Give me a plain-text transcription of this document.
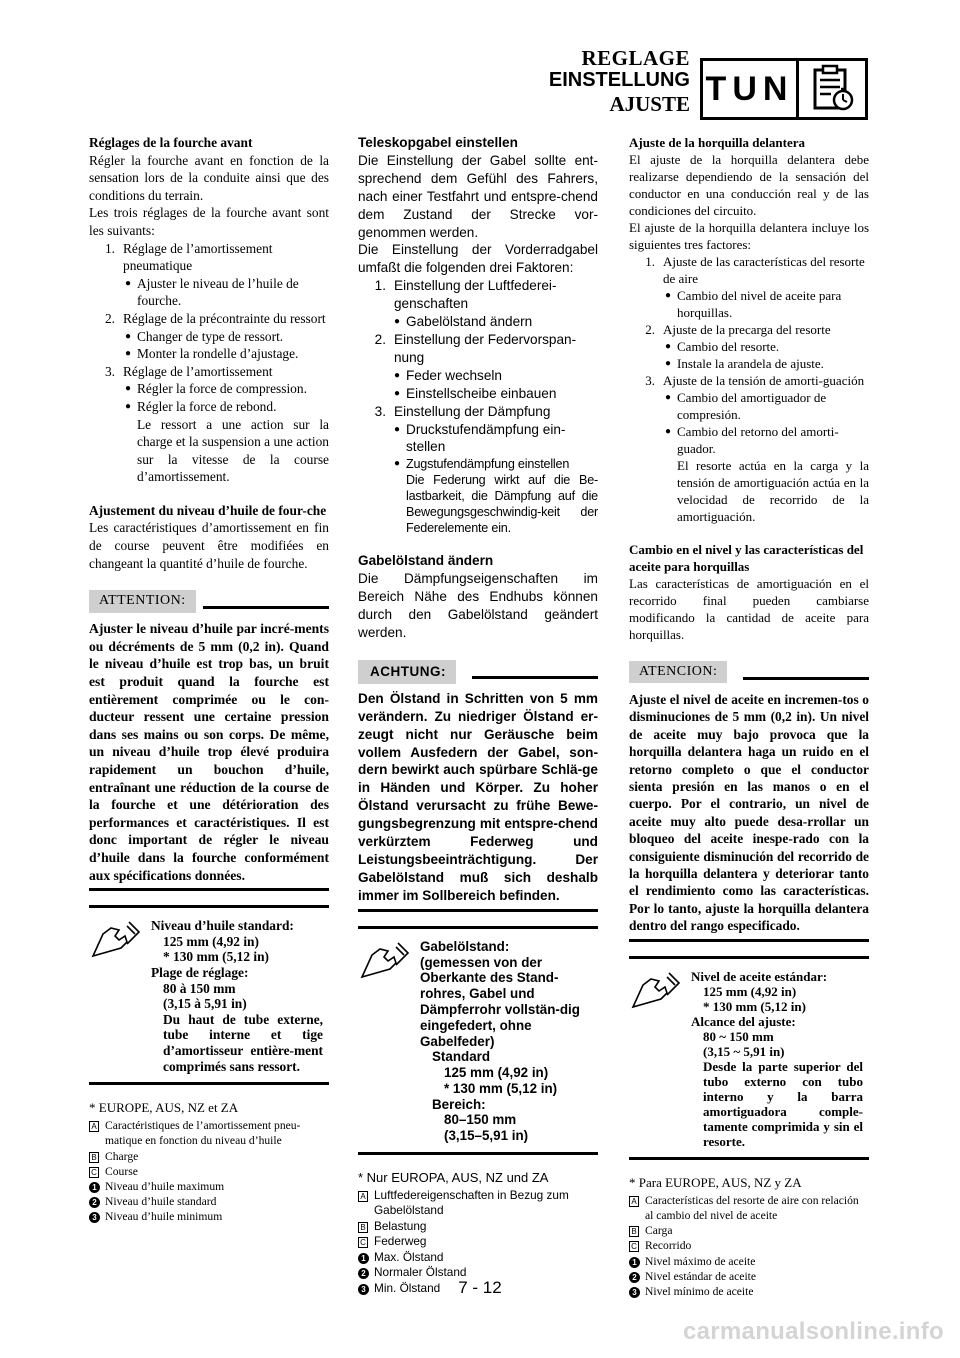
REGLAGE
EINSTELLUNG
AJUSTE TUN
Réglages de la fourche avant
Régler la fourche avant en fonction de la sensation lors de la conduite ainsi que des conditions du terrain.
Les trois réglages de la fourche avant sont les suivants:
1. Réglage de l’amortissement pneumatique
● Ajuster le niveau de l’huile de fourche.
2. Réglage de la précontrainte du ressort
● Changer de type de ressort.
● Monter la rondelle d’ajustage.
3. Réglage de l’amortissement
● Régler la force de compression.
● Régler la force de rebond.
Le ressort a une action sur la charge et la suspension a une action sur la vitesse de la course d’amortissement.
Ajustement du niveau d’huile de four-che
Les caractéristiques d’amortissement en fin de course peuvent être modifiées en changeant la quantité d’huile de fourche.
ATTENTION:
Ajuster le niveau d’huile par incré-ments ou décréments de 5 mm (0,2 in). Quand le niveau d’huile est trop bas, un bruit est produit quand la fourche est entièrement comprimée ou le con-ducteur ressent une certaine pression dans ses mains ou son corps. De même, un niveau d’huile trop élevé produira rapidement un bouchon d’huile, entraînant une réduction de la course de la fourche et une détérioration des performances et caractéristiques. Il est donc important de régler le niveau d’huile dans la fourche conformément aux spécifications données.
Niveau d’huile standard:
125 mm (4,92 in)
* 130 mm (5,12 in)
Plage de réglage:
80 à 150 mm
(3,15 à 5,91 in)
Du haut de tube externe, tube interne et tige d’amortisseur entière-ment comprimés sans ressort.
* EUROPE, AUS, NZ et ZA
A Caractéristiques de l’amortissement pneu-matique en fonction du niveau d’huile
B Charge
C Course
1 Niveau d’huile maximum
2 Niveau d’huile standard
3 Niveau d’huile minimum
Teleskopgabel einstellen
Die Einstellung der Gabel sollte ent-sprechend dem Gefühl des Fahrers, nach einer Testfahrt und entspre-chend dem Zustand der Strecke vor-genommen werden.
Die Einstellung der Vorderradgabel umfaßt die folgenden drei Faktoren:
1. Einstellung der Luftfederei-genschaften
● Gabelölstand ändern
2. Einstellung der Federvorspan-nung
● Feder wechseln
● Einstellscheibe einbauen
3. Einstellung der Dämpfung
● Druckstufendämpfung ein-stellen
● Zugstufendämpfung einstellen
Die Federung wirkt auf die Be-lastbarkeit, die Dämpfung auf die Bewegungsgeschwindig-keit der Federelemente ein.
Gabelölstand ändern
Die Dämpfungseigenschaften im Bereich Nähe des Endhubs können durch den Gabelölstand geändert werden.
ACHTUNG:
Den Ölstand in Schritten von 5 mm verändern. Zu niedriger Ölstand er-zeugt nicht nur Geräusche beim vollem Ausfedern der Gabel, son-dern bewirkt auch spürbare Schlä-ge in Händen und Körper. Zu hoher Ölstand verursacht zu frühe Bewe-gungsbegrenzung mit entspre-chend verkürztem Federweg und Leistungsbeeinträchtigung. Der Gabelölstand muß sich deshalb immer im Sollbereich befinden.
Gabelölstand:
(gemessen von der Oberkante des Stand-rohres, Gabel und Dämpferrohr vollstän-dig eingefedert, ohne Gabelfeder)
Standard
125 mm (4,92 in)
* 130 mm (5,12 in)
Bereich:
80–150 mm
(3,15–5,91 in)
* Nur EUROPA, AUS, NZ und ZA
A Luftfedereigenschaften in Bezug zum Gabelölstand
B Belastung
C Federweg
1 Max. Ölstand
2 Normaler Ölstand
3 Min. Ölstand
Ajuste de la horquilla delantera
El ajuste de la horquilla delantera debe realizarse dependiendo de la sensación del conductor en una conducción real y de las condiciones del circuito.
El ajuste de la horquilla delantera incluye los siguientes tres factores:
1. Ajuste de las características del resorte de aire
● Cambio del nivel de aceite para horquillas.
2. Ajuste de la precarga del resorte
● Cambio del resorte.
● Instale la arandela de ajuste.
3. Ajuste de la tensión de amorti-guación
● Cambio del amortiguador de compresión.
● Cambio del retorno del amorti-guador.
El resorte actúa en la carga y la tensión de amortiguación actúa en la velocidad de recorrido de la amortiguación.
Cambio en el nivel y las características del aceite para horquillas
Las características de amortiguación en el recorrido final pueden cambiarse modificando la cantidad de aceite para horquillas.
ATENCION:
Ajuste el nivel de aceite en incremen-tos o disminuciones de 5 mm (0,2 in). Un nivel de aceite muy bajo provoca que la horquilla delantera haga un ruido en el retorno completo o que el conductor sienta presión en las manos o en el cuerpo. Por el contrario, un nivel de aceite muy alto puede desa-rrollar un bloqueo del aceite inespe-rado con la consiguiente disminución del recorrido de la horquilla delantera y deteriorar tanto el rendimiento como las características. Por lo tanto, ajuste la horquilla delantera dentro del rango especificado.
Nivel de aceite estándar:
125 mm (4,92 in)
* 130 mm (5,12 in)
Alcance del ajuste:
80 ~ 150 mm
(3,15 ~ 5,91 in)
Desde la parte superior del tubo externo con tubo interno y la barra amortiguadora comple-tamente comprimida y sin el resorte.
* Para EUROPE, AUS, NZ y ZA
A Características del resorte de aire con relación al cambio del nivel de aceite
B Carga
C Recorrido
1 Nivel máximo de aceite
2 Nivel estándar de aceite
3 Nivel mínimo de aceite
7 - 12
carmanualsonline.info
